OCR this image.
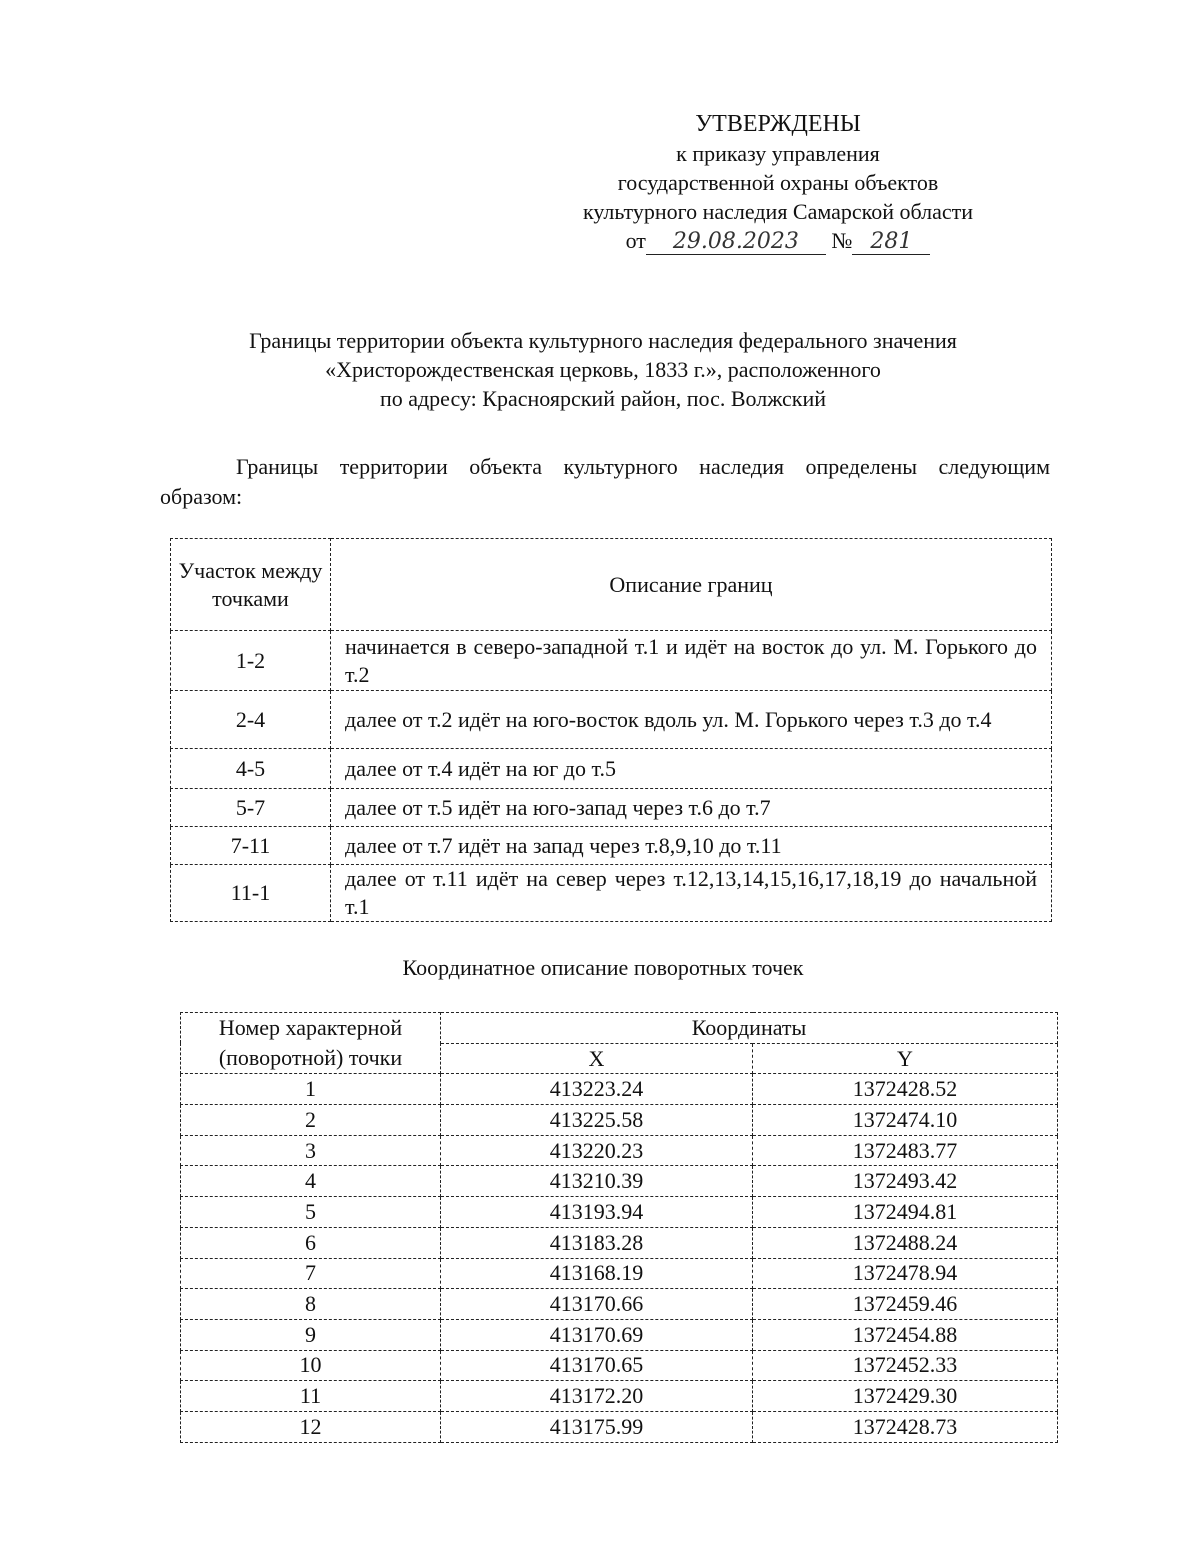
УТВЕРЖДЕНЫ
к приказу управления
государственной охраны объектов
культурного наследия Самарской области
от 29.08.2023 № 281
Границы территории объекта культурного наследия федерального значения
«Христорождественская церковь, 1833 г.», расположенного
по адресу: Красноярский район, пос. Волжский
Границы территории объекта культурного наследия определены следующим образом:
Участок между точками	Описание границ
1-2	начинается в северо-западной т.1 и идёт на восток до ул. М. Горького до т.2
2-4	далее от т.2 идёт на юго-восток вдоль ул. М. Горького через т.3 до т.4
4-5	далее от т.4 идёт на юг до т.5
5-7	далее от т.5 идёт на юго-запад через т.6 до т.7
7-11	далее от т.7 идёт на запад через т.8,9,10 до т.11
11-1	далее от т.11 идёт на север через т.12,13,14,15,16,17,18,19 до начальной т.1
Координатное описание поворотных точек
Номер характерной (поворотной) точки	Координаты	
	X	Y
1	413223.24	1372428.52
2	413225.58	1372474.10
3	413220.23	1372483.77
4	413210.39	1372493.42
5	413193.94	1372494.81
6	413183.28	1372488.24
7	413168.19	1372478.94
8	413170.66	1372459.46
9	413170.69	1372454.88
10	413170.65	1372452.33
11	413172.20	1372429.30
12	413175.99	1372428.73
